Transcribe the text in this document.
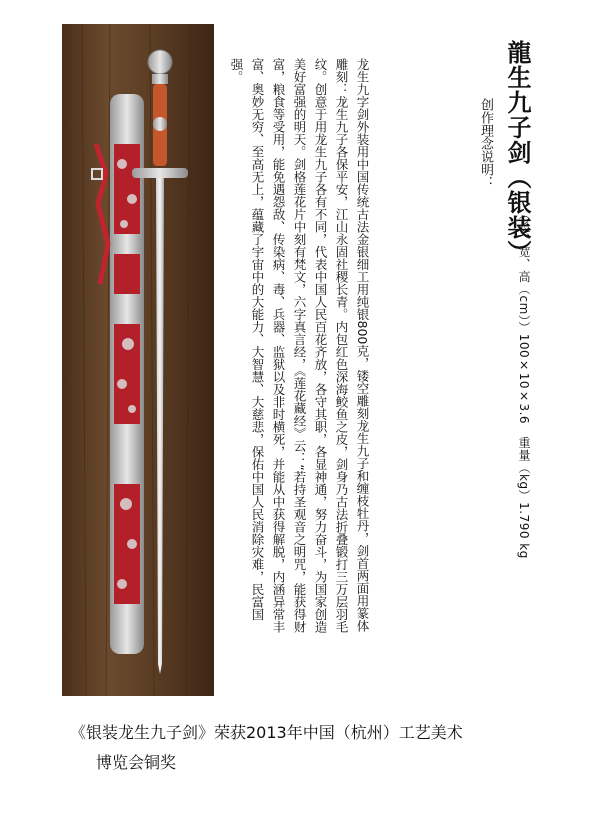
龍生九子剑（银装）
（长、宽、高（cm））100×10×3.6　重量（kg）1.790 kg
创作理念说明：

龙生九字剑外装用中国传统古法金银细工用纯银800克，镂空雕刻龙生九子和缠枝牡丹，剑首两面用篆体雕刻：龙生九子各保平安，江山永固社稷长青。内包红色深海鲛鱼之皮，剑身乃古法折叠锻打三万层羽毛纹。创意于用龙生九子各有不同，代表中国人民百花齐放，各守其职，各显神通，努力奋斗，为国家创造美好富强的明天。剑格莲花片中刻有梵文，六字真言经，《莲花藏经》云：“若持圣观音之明咒，能获得财富，粮食等受用，能免遇怨敌、传染病、毒、兵器、监狱以及非时横死，并能从中获得解脱，内涵异常丰富、奥妙无穷、至高无上，蕴藏了宇宙中的大能力、大智慧、大慈悲，保佑中国人民消除灾难，民富国强。

《银装龙生九子剑》荣获2013年中国（杭州）工艺美术
博览会铜奖
